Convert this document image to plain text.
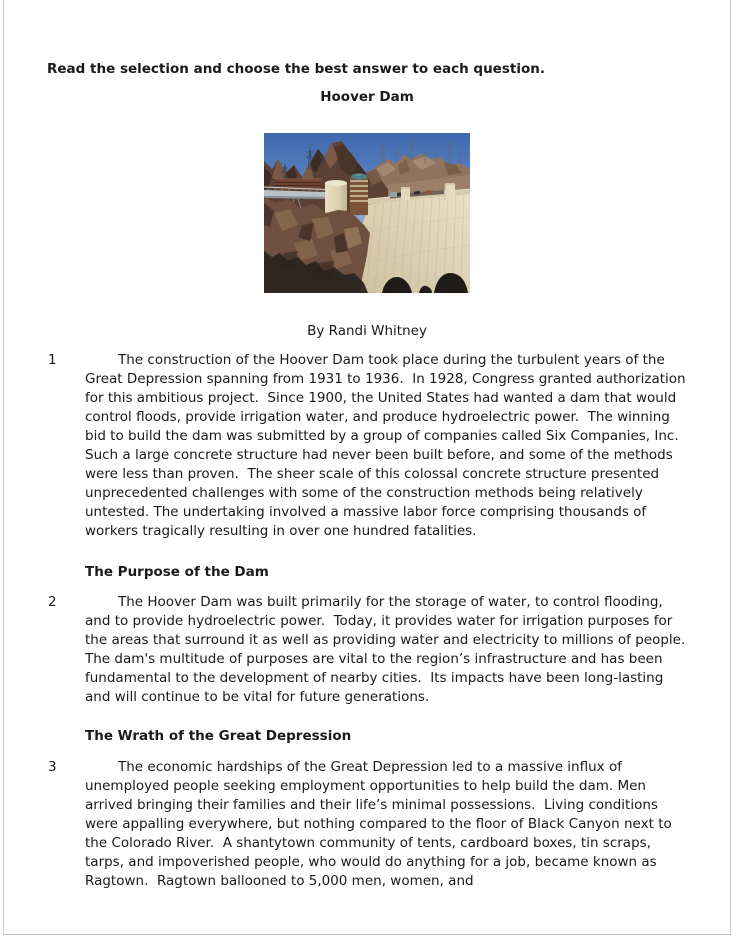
Read the selection and choose the best answer to each question.
Hoover Dam
By Randi Whitney
1	The construction of the Hoover Dam took place during the turbulent years of the Great Depression spanning from 1931 to 1936.  In 1928, Congress granted authorization for this ambitious project.  Since 1900, the United States had wanted a dam that would control floods, provide irrigation water, and produce hydroelectric power.  The winning bid to build the dam was submitted by a group of companies called Six Companies, Inc.  Such a large concrete structure had never been built before, and some of the methods were less than proven.  The sheer scale of this colossal concrete structure presented unprecedented challenges with some of the construction methods being relatively untested. The undertaking involved a massive labor force comprising thousands of workers tragically resulting in over one hundred fatalities.
The Purpose of the Dam
2	The Hoover Dam was built primarily for the storage of water, to control flooding, and to provide hydroelectric power.  Today, it provides water for irrigation purposes for the areas that surround it as well as providing water and electricity to millions of people.  The dam's multitude of purposes are vital to the region’s infrastructure and has been fundamental to the development of nearby cities.  Its impacts have been long-lasting and will continue to be vital for future generations.
The Wrath of the Great Depression
3	The economic hardships of the Great Depression led to a massive influx of unemployed people seeking employment opportunities to help build the dam. Men arrived bringing their families and their life’s minimal possessions.  Living conditions were appalling everywhere, but nothing compared to the floor of Black Canyon next to the Colorado River.  A shantytown community of tents, cardboard boxes, tin scraps, tarps, and impoverished people, who would do anything for a job, became known as Ragtown.  Ragtown ballooned to 5,000 men, women, and
